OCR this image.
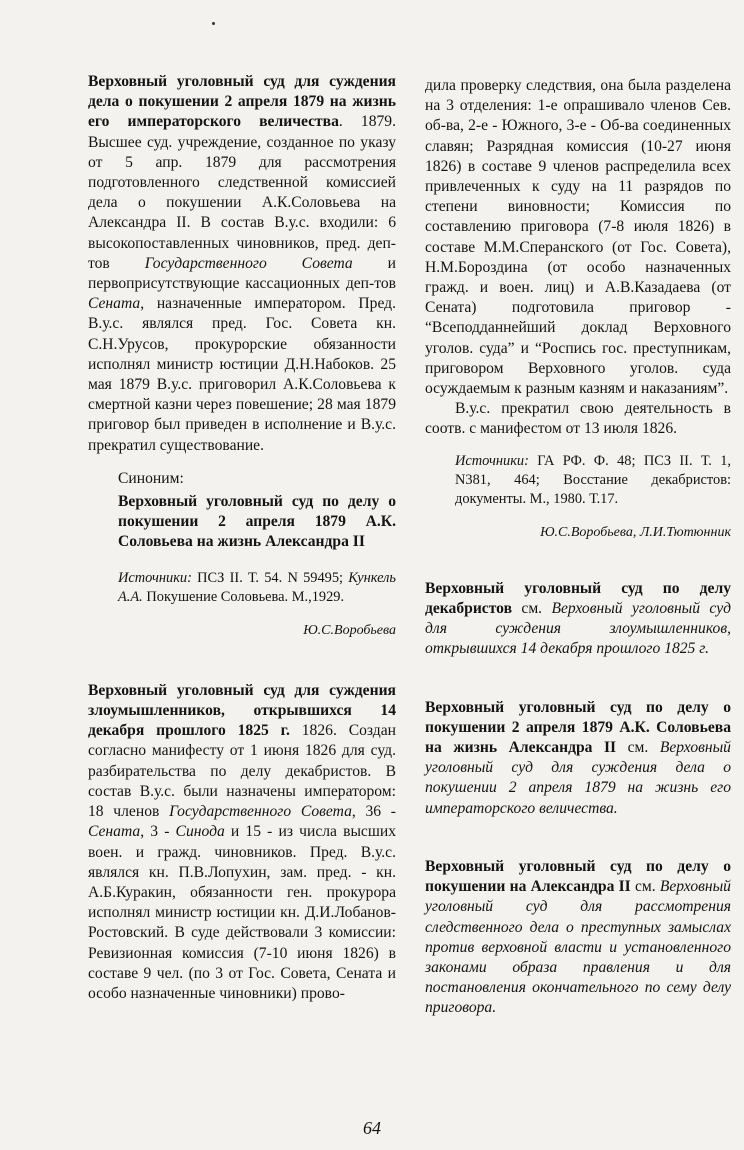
Верховный уголовный суд для суждения дела о покушении 2 апреля 1879 на жизнь его императорского величества. 1879. Высшее суд. учреждение, созданное по указу от 5 апр. 1879 для рассмотрения подготовленного следственной комиссией дела о покушении А.К.Соловьева на Александра II. В состав В.у.с. входили: 6 высокопоставленных чиновников, пред. деп-тов Государственного Совета и первоприсутствующие кассационных деп-тов Сената, назначенные императором. Пред. В.у.с. являлся пред. Гос. Совета кн. С.Н.Урусов, прокурорские обязанности исполнял министр юстиции Д.Н.Набоков. 25 мая 1879 В.у.с. приговорил А.К.Соловьева к смертной казни через повешение; 28 мая 1879 приговор был приведен в исполнение и В.у.с. прекратил существование.

Синоним:

Верховный уголовный суд по делу о покушении 2 апреля 1879 А.К. Соловьева на жизнь Александра II

Источники: ПСЗ II. Т. 54. N 59495; Кункель А.А. Покушение Соловьева. М.,1929.

Ю.С.Воробьева

Верховный уголовный суд для суждения злоумышленников, открывшихся 14 декабря прошлого 1825 г. 1826. Создан согласно манифесту от 1 июня 1826 для суд. разбирательства по делу декабристов. В состав В.у.с. были назначены императором: 18 членов Государственного Совета, 36 - Сената, 3 - Синода и 15 - из числа высших воен. и гражд. чиновников. Пред. В.у.с. являлся кн. П.В.Лопухин, зам. пред. - кн. А.Б.Куракин, обязанности ген. прокурора исполнял министр юстиции кн. Д.И.Лобанов-Ростовский. В суде действовали 3 комиссии: Ревизионная комиссия (7-10 июня 1826) в составе 9 чел. (по 3 от Гос. Совета, Сената и особо назначенные чиновники) прово-

дила проверку следствия, она была разделена на 3 отделения: 1-е опрашивало членов Сев. об-ва, 2-е - Южного, 3-е - Об-ва соединенных славян; Разрядная комиссия (10-27 июня 1826) в составе 9 членов распределила всех привлеченных к суду на 11 разрядов по степени виновности; Комиссия по составлению приговора (7-8 июля 1826) в составе М.М.Сперанского (от Гос. Совета), Н.М.Бороздина (от особо назначенных гражд. и воен. лиц) и А.В.Казадаева (от Сената) подготовила приговор - “Всеподданнейший доклад Верховного уголов. суда” и “Роспись гос. преступникам, приговором Верховного уголов. суда осуждаемым к разным казням и наказаниям”.

В.у.с. прекратил свою деятельность в соотв. с манифестом от 13 июля 1826.

Источники: ГА РФ. Ф. 48; ПСЗ II. Т. 1, N381, 464; Восстание декабристов: документы. М., 1980. Т.17.

Ю.С.Воробьева, Л.И.Тютюнник

Верховный уголовный суд по делу декабристов см. Верховный уголовный суд для суждения злоумышленников, открывшихся 14 декабря прошлого 1825 г.

Верховный уголовный суд по делу о покушении 2 апреля 1879 А.К. Соловьева на жизнь Александра II см. Верховный уголовный суд для суждения дела о покушении 2 апреля 1879 на жизнь его императорского величества.

Верховный уголовный суд по делу о покушении на Александра II см. Верховный уголовный суд для рассмотрения следственного дела о преступных замыслах против верховной власти и установленного законами образа правления и для постановления окончательного по сему делу приговора.

64
